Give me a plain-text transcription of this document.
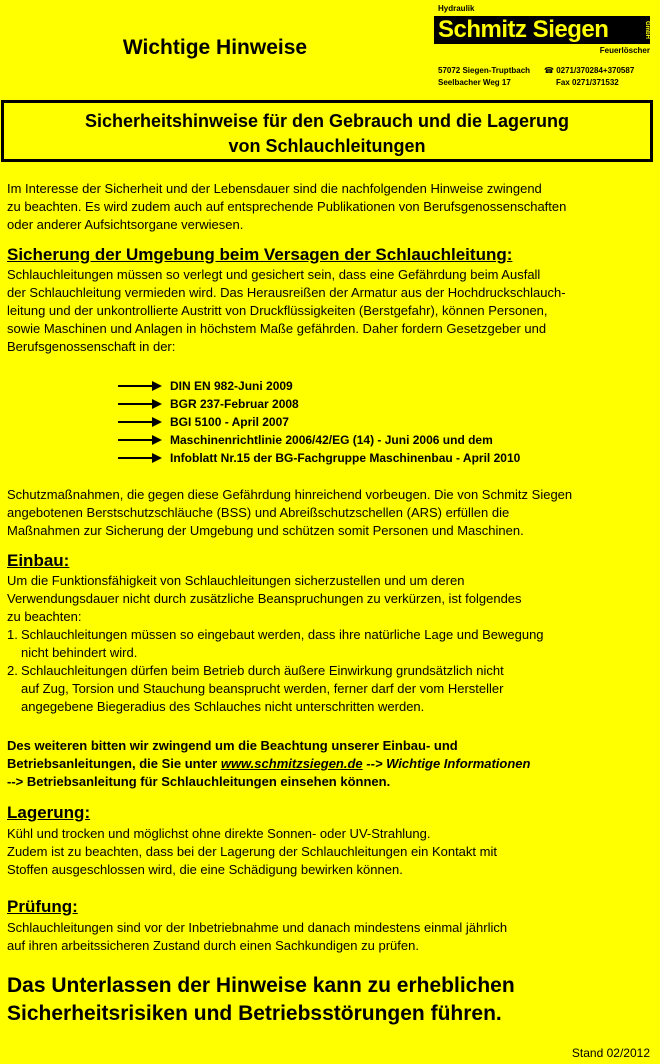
Wichtige Hinweise
Hydraulik
Schmitz Siegen	GmbH
Feuerlöscher
57072 Siegen-Truptbach
Seelbacher Weg 17
☎ 0271/370284+370587
Fax 0271/371532
Sicherheitshinweise für den Gebrauch und die Lagerung
von Schlauchleitungen
Im Interesse der Sicherheit und der Lebensdauer sind die nachfolgenden Hinweise zwingend
zu beachten. Es wird zudem auch auf entsprechende Publikationen von Berufsgenossenschaften
oder anderer Aufsichtsorgane verwiesen.
Sicherung der Umgebung beim Versagen der Schlauchleitung:
Schlauchleitungen müssen so verlegt und gesichert sein, dass eine Gefährdung beim Ausfall
der Schlauchleitung vermieden wird. Das Herausreißen der Armatur aus der Hochdruckschlauch-
leitung und der unkontrollierte Austritt von Druckflüssigkeiten (Berstgefahr), können Personen,
sowie Maschinen und Anlagen in höchstem Maße gefährden. Daher fordern Gesetzgeber und
Berufsgenossenschaft in der:
DIN EN 982-Juni 2009
BGR 237-Februar 2008
BGI 5100 - April 2007
Maschinenrichtlinie 2006/42/EG (14) - Juni 2006 und dem
Infoblatt Nr.15 der BG-Fachgruppe Maschinenbau - April 2010
Schutzmaßnahmen, die gegen diese Gefährdung hinreichend vorbeugen. Die von Schmitz Siegen
angebotenen Berstschutzschläuche (BSS) und Abreißschutzschellen (ARS) erfüllen die
Maßnahmen zur Sicherung der Umgebung und schützen somit Personen und Maschinen.
Einbau:
Um die Funktionsfähigkeit von Schlauchleitungen sicherzustellen und um deren
Verwendungsdauer nicht durch zusätzliche Beanspruchungen zu verkürzen, ist folgendes
zu beachten:
1. Schlauchleitungen müssen so eingebaut werden, dass ihre natürliche Lage und Bewegung
nicht behindert wird.
2. Schlauchleitungen dürfen beim Betrieb durch äußere Einwirkung grundsätzlich nicht
auf Zug, Torsion und Stauchung beansprucht werden, ferner darf der vom Hersteller
angegebene Biegeradius des Schlauches nicht unterschritten werden.
Des weiteren bitten wir zwingend um die Beachtung unserer Einbau- und
Betriebsanleitungen, die Sie unter www.schmitzsiegen.de --> Wichtige Informationen
--> Betriebsanleitung für Schlauchleitungen einsehen können.
Lagerung:
Kühl und trocken und möglichst ohne direkte Sonnen- oder UV-Strahlung.
Zudem ist zu beachten, dass bei der Lagerung der Schlauchleitungen ein Kontakt mit
Stoffen ausgeschlossen wird, die eine Schädigung bewirken können.
Prüfung:
Schlauchleitungen sind vor der Inbetriebnahme und danach mindestens einmal jährlich
auf ihren arbeitssicheren Zustand durch einen Sachkundigen zu prüfen.
Das Unterlassen der Hinweise kann zu erheblichen
Sicherheitsrisiken und Betriebsstörungen führen.
Stand 02/2012
